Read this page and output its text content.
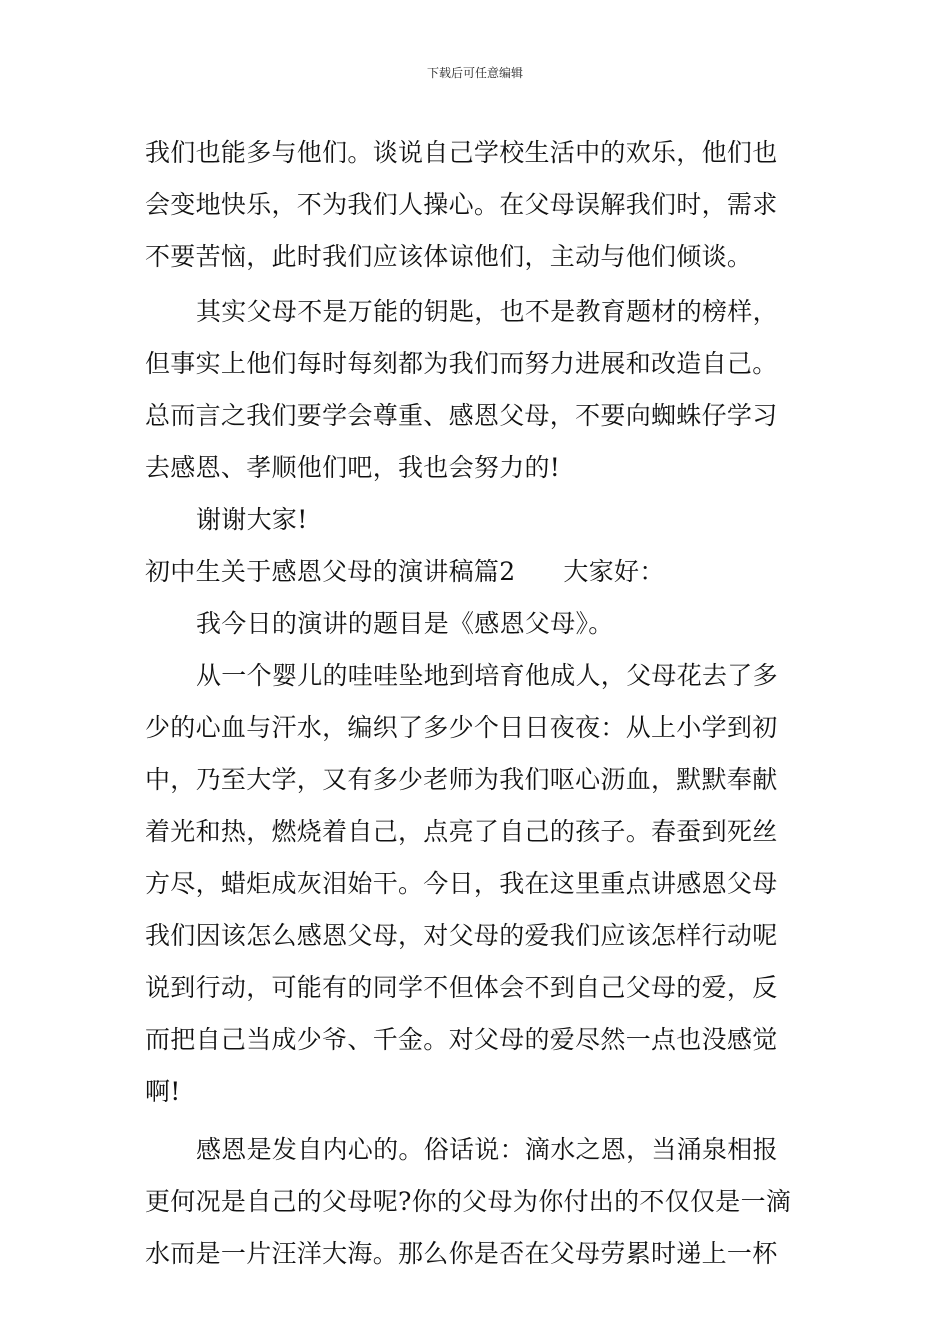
下载后可任意编辑
我们也能多与他们。谈说自己学校生活中的欢乐，他们也
会变地快乐，不为我们人操心。在父母误解我们时，需求
不要苦恼，此时我们应该体谅他们，主动与他们倾谈。
其实父母不是万能的钥匙，也不是教育题材的榜样，
但事实上他们每时每刻都为我们而努力进展和改造自己。
总而言之我们要学会尊重、感恩父母，不要向蜘蛛仔学习
去感恩、孝顺他们吧，我也会努力的!
谢谢大家!
初中生关于感恩父母的演讲稿篇2 大家好：
我今日的演讲的题目是《感恩父母》。
从一个婴儿的哇哇坠地到培育他成人，父母花去了多
少的心血与汗水，编织了多少个日日夜夜：从上小学到初
中，乃至大学，又有多少老师为我们呕心沥血，默默奉献
着光和热，燃烧着自己，点亮了自己的孩子。春蚕到死丝
方尽，蜡炬成灰泪始干。今日，我在这里重点讲感恩父母
我们因该怎么感恩父母，对父母的爱我们应该怎样行动呢
说到行动，可能有的同学不但体会不到自己父母的爱，反
而把自己当成少爷、千金。对父母的爱尽然一点也没感觉
啊!
感恩是发自内心的。俗话说：滴水之恩，当涌泉相报
更何况是自己的父母呢?你的父母为你付出的不仅仅是一滴
水而是一片汪洋大海。那么你是否在父母劳累时递上一杯
